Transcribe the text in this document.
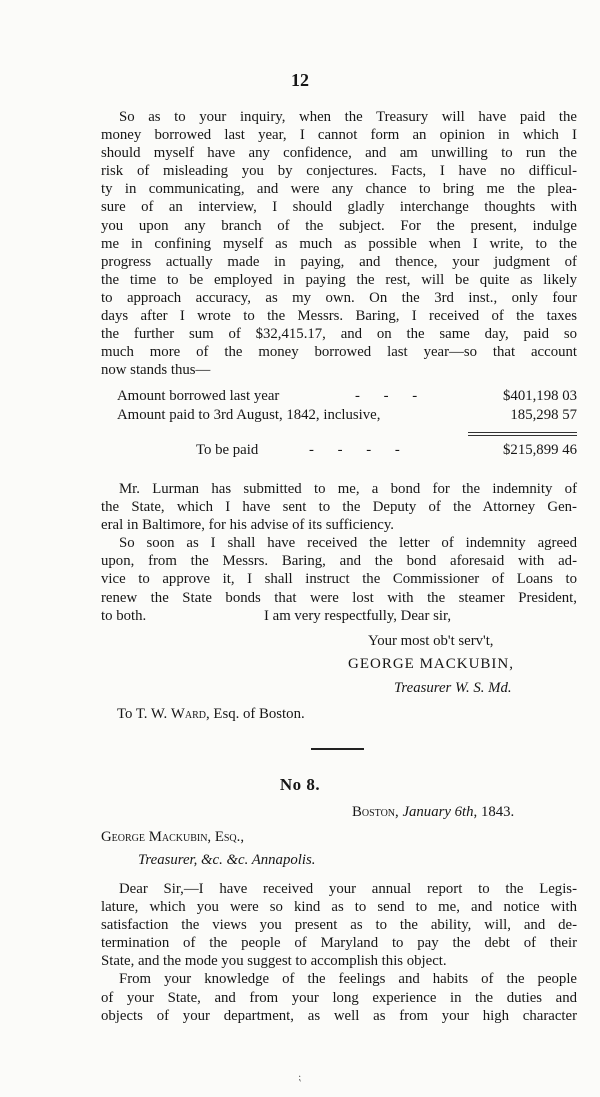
12
So as to your inquiry, when the Treasury will have paid the
money borrowed last year, I cannot form an opinion in which I
should myself have any confidence, and am unwilling to run the
risk of misleading you by conjectures. Facts, I have no difficul-
ty in communicating, and were any chance to bring me the plea-
sure of an interview, I should gladly interchange thoughts with
you upon any branch of the subject. For the present, indulge
me in confining myself as much as possible when I write, to the
progress actually made in paying, and thence, your judgment of
the time to be employed in paying the rest, will be quite as likely
to approach accuracy, as my own. On the 3rd inst., only four
days after I wrote to the Messrs. Baring, I received of the taxes
the further sum of $32,415.17, and on the same day, paid so
much more of the money borrowed last year—so that account
now stands thus—
Amount borrowed last year	- - -	$401,198 03
Amount paid to 3rd August, 1842, inclusive,	185,298 57
To be paid	- - - -	$215,899 46
Mr. Lurman has submitted to me, a bond for the indemnity of
the State, which I have sent to the Deputy of the Attorney Gen-
eral in Baltimore, for his advise of its sufficiency.
So soon as I shall have received the letter of indemnity agreed
upon, from the Messrs. Baring, and the bond aforesaid with ad-
vice to approve it, I shall instruct the Commissioner of Loans to
renew the State bonds that were lost with the steamer President,
to both.	I am very respectfully, Dear sir,
Your most ob't serv't,
GEORGE MACKUBIN,
Treasurer W. S. Md.
To T. W. Ward, Esq. of Boston.
No 8.
Boston, January 6th, 1843.
George Mackubin, Esq.,
Treasurer, &c. &c. Annapolis.
Dear Sir,—I have received your annual report to the Legis-
lature, which you were so kind as to send to me, and notice with
satisfaction the views you present as to the ability, will, and de-
termination of the people of Maryland to pay the debt of their
State, and the mode you suggest to accomplish this object.
From your knowledge of the feelings and habits of the people
of your State, and from your long experience in the duties and
objects of your department, as well as from your high character
⁏
